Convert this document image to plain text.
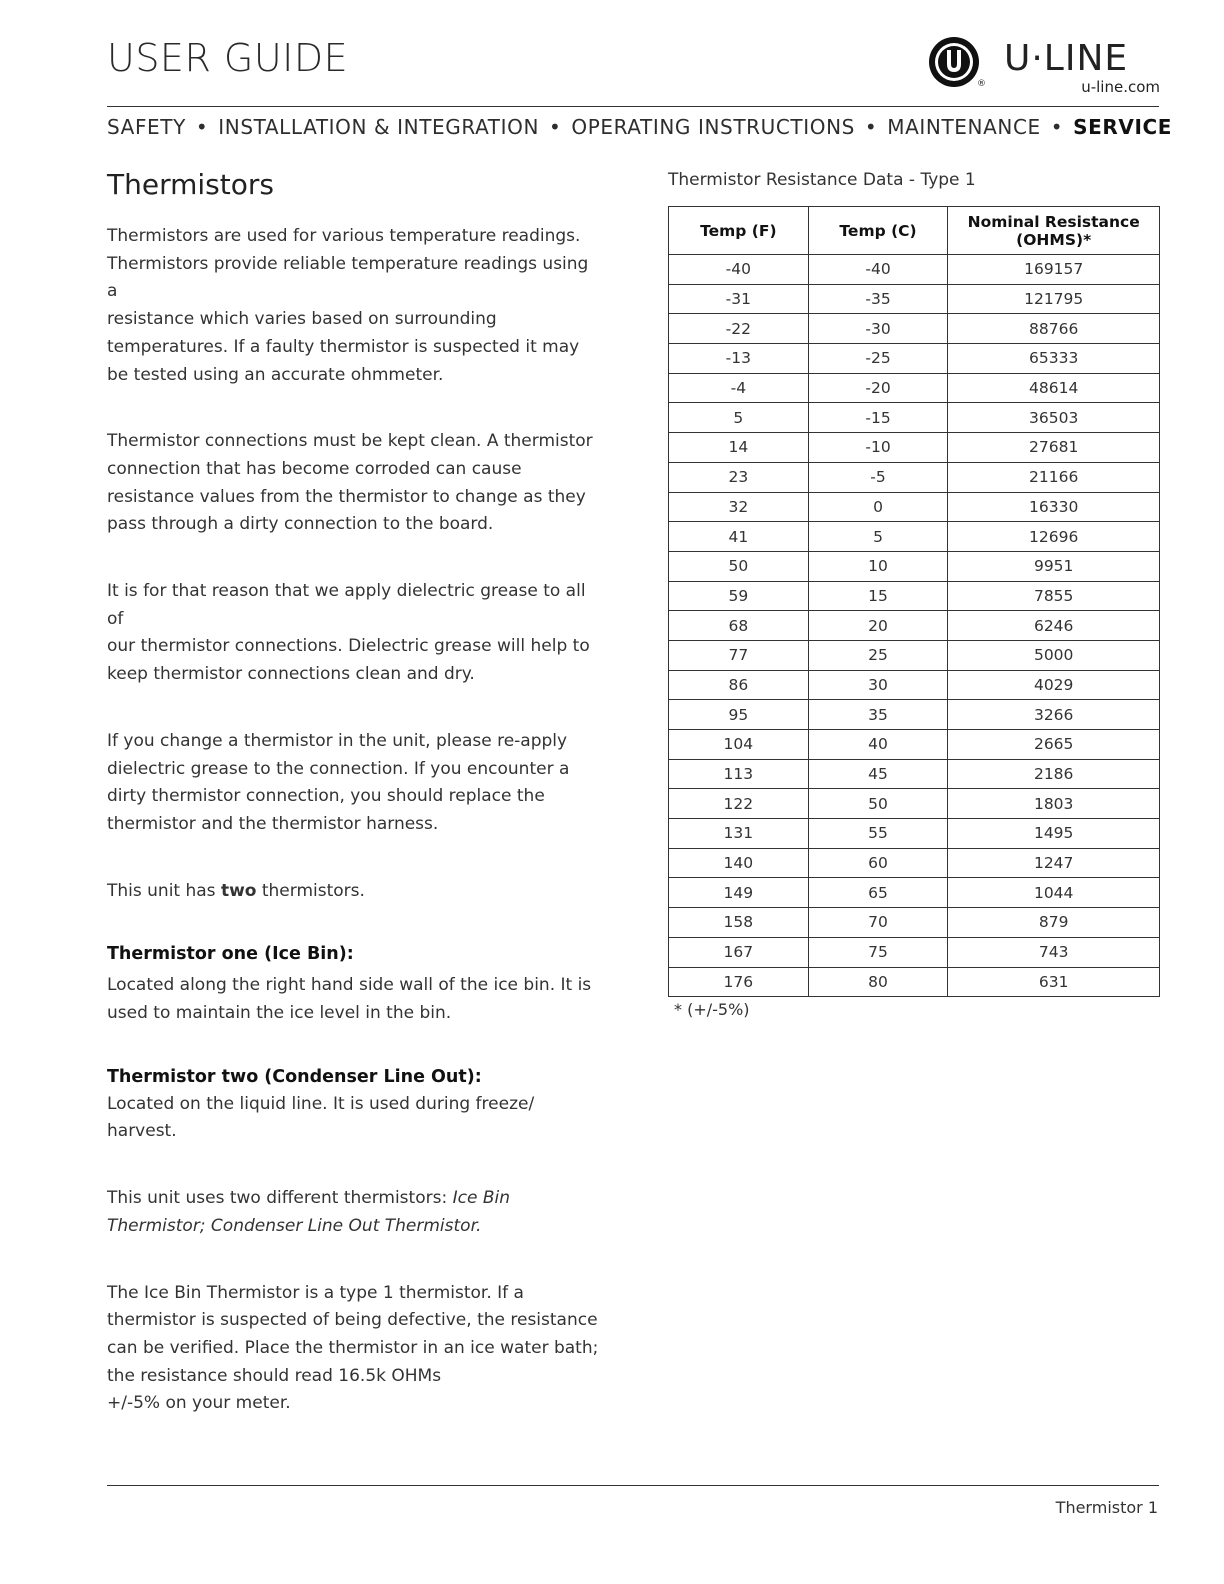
USER GUIDE
®
U·LINE
u-line.com
SAFETY • INSTALLATION & INTEGRATION • OPERATING INSTRUCTIONS • MAINTENANCE • SERVICE
Thermistors
Thermistors are used for various temperature readings.
Thermistors provide reliable temperature readings using a
resistance which varies based on surrounding
temperatures. If a faulty thermistor is suspected it may
be tested using an accurate ohmmeter.
Thermistor connections must be kept clean. A thermistor
connection that has become corroded can cause
resistance values from the thermistor to change as they
pass through a dirty connection to the board.
It is for that reason that we apply dielectric grease to all of
our thermistor connections. Dielectric grease will help to
keep thermistor connections clean and dry.
If you change a thermistor in the unit, please re-apply
dielectric grease to the connection. If you encounter a
dirty thermistor connection, you should replace the
thermistor and the thermistor harness.
This unit has two thermistors.
Thermistor one (Ice Bin):
Located along the right hand side wall of the ice bin. It is
used to maintain the ice level in the bin.
Thermistor two (Condenser Line Out):
Located on the liquid line. It is used during freeze/
harvest.
This unit uses two different thermistors: Ice Bin
Thermistor; Condenser Line Out Thermistor.
The Ice Bin Thermistor is a type 1 thermistor. If a
thermistor is suspected of being defective, the resistance
can be verified. Place the thermistor in an ice water bath;
the resistance should read 16.5k OHMs
+/-5% on your meter.
Thermistor Resistance Data - Type 1
Temp (F)	Temp (C)	Nominal Resistance
(OHMS)*

-40	-40	169157
-31	-35	121795
-22	-30	88766
-13	-25	65333
-4	-20	48614
5	-15	36503
14	-10	27681
23	-5	21166
32	0	16330
41	5	12696
50	10	9951
59	15	7855
68	20	6246
77	25	5000
86	30	4029
95	35	3266
104	40	2665
113	45	2186
122	50	1803
131	55	1495
140	60	1247
149	65	1044
158	70	879
167	75	743
176	80	631
* (+/-5%)
Thermistor 1
